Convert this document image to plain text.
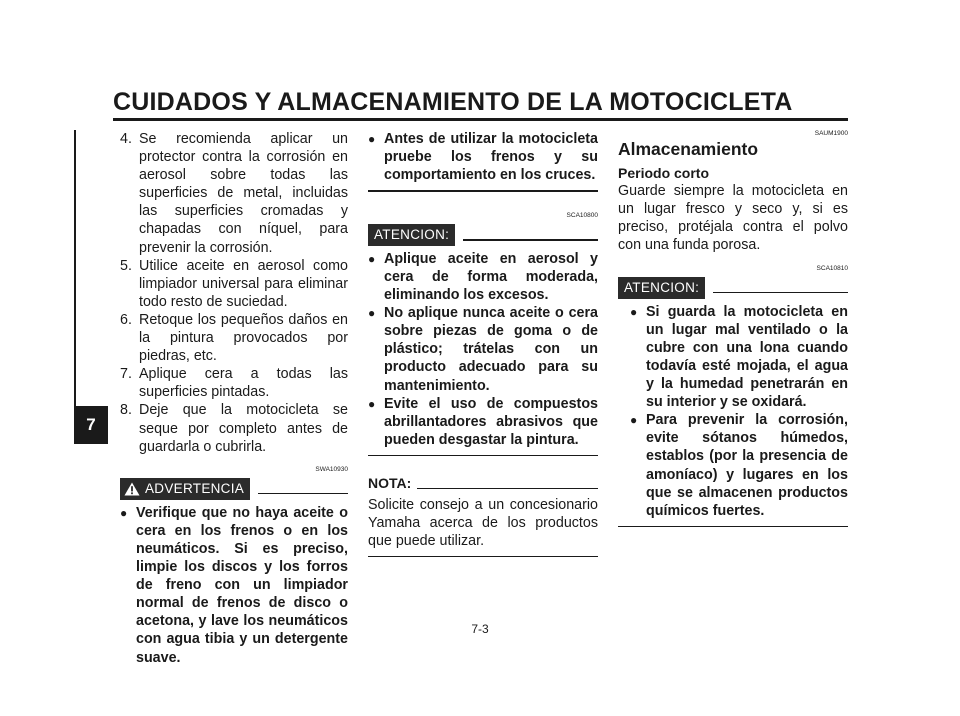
CUIDADOS Y ALMACENAMIENTO DE LA MOTOCICLETA
7
4. Se recomienda aplicar un protector contra la corrosión en aerosol sobre todas las superficies de metal, incluidas las superficies cromadas y chapadas con níquel, para prevenir la corrosión.
5. Utilice aceite en aerosol como limpiador universal para eliminar todo resto de suciedad.
6. Retoque los pequeños daños en la pintura provocados por piedras, etc.
7. Aplique cera a todas las superficies pintadas.
8. Deje que la motocicleta se seque por completo antes de guardarla o cubrirla.
SWA10930
ADVERTENCIA
● Verifique que no haya aceite o cera en los frenos o en los neumáticos. Si es preciso, limpie los discos y los forros de freno con un limpiador normal de frenos de disco o acetona, y lave los neumáticos con agua tibia y un detergente suave.
● Antes de utilizar la motocicleta pruebe los frenos y su comportamiento en los cruces.
SCA10800
ATENCION:
● Aplique aceite en aerosol y cera de forma moderada, eliminando los excesos.
● No aplique nunca aceite o cera sobre piezas de goma o de plástico; trátelas con un producto adecuado para su mantenimiento.
● Evite el uso de compuestos abrillantadores abrasivos que pueden desgastar la pintura.
NOTA:
Solicite consejo a un concesionario Yamaha acerca de los productos que puede utilizar.
SAUM1900
Almacenamiento
Periodo corto
Guarde siempre la motocicleta en un lugar fresco y seco y, si es preciso, protéjala contra el polvo con una funda porosa.
SCA10810
ATENCION:
● Si guarda la motocicleta en un lugar mal ventilado o la cubre con una lona cuando todavía esté mojada, el agua y la humedad penetrarán en su interior y se oxidará.
● Para prevenir la corrosión, evite sótanos húmedos, establos (por la presencia de amoníaco) y lugares en los que se almacenen productos químicos fuertes.
7-3
